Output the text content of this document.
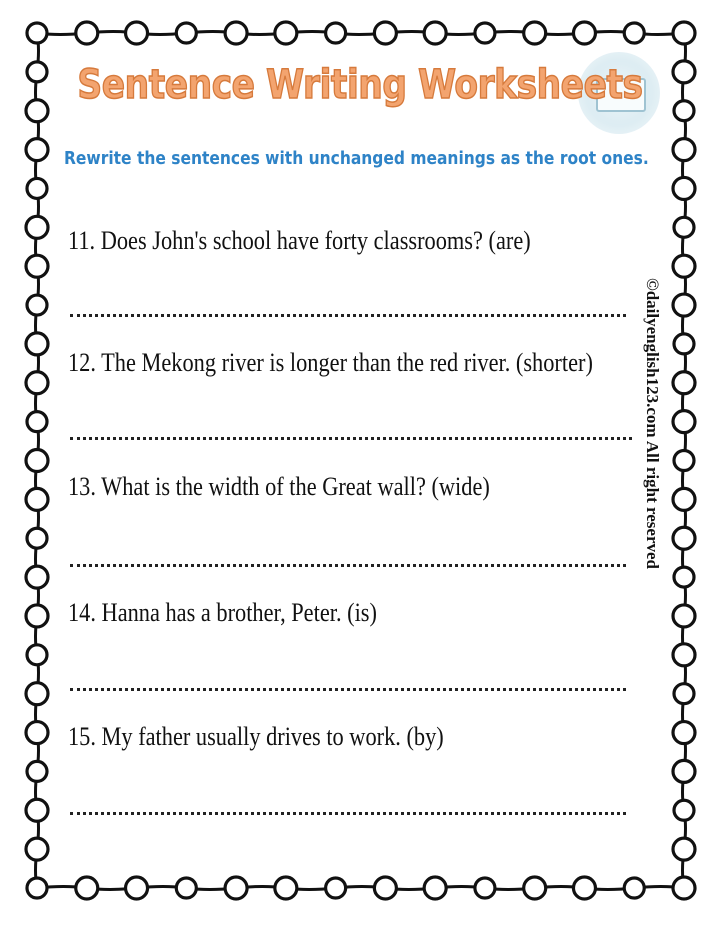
Sentence Writing Worksheets
Rewrite the sentences with unchanged meanings as the root ones.
11. Does John's school have forty classrooms? (are)
12. The Mekong river is longer than the red river. (shorter)
13. What is the width of the Great wall? (wide)
14. Hanna has a brother, Peter. (is)
15. My father usually drives to work. (by)
©dailyenglish123.com All right reserved
